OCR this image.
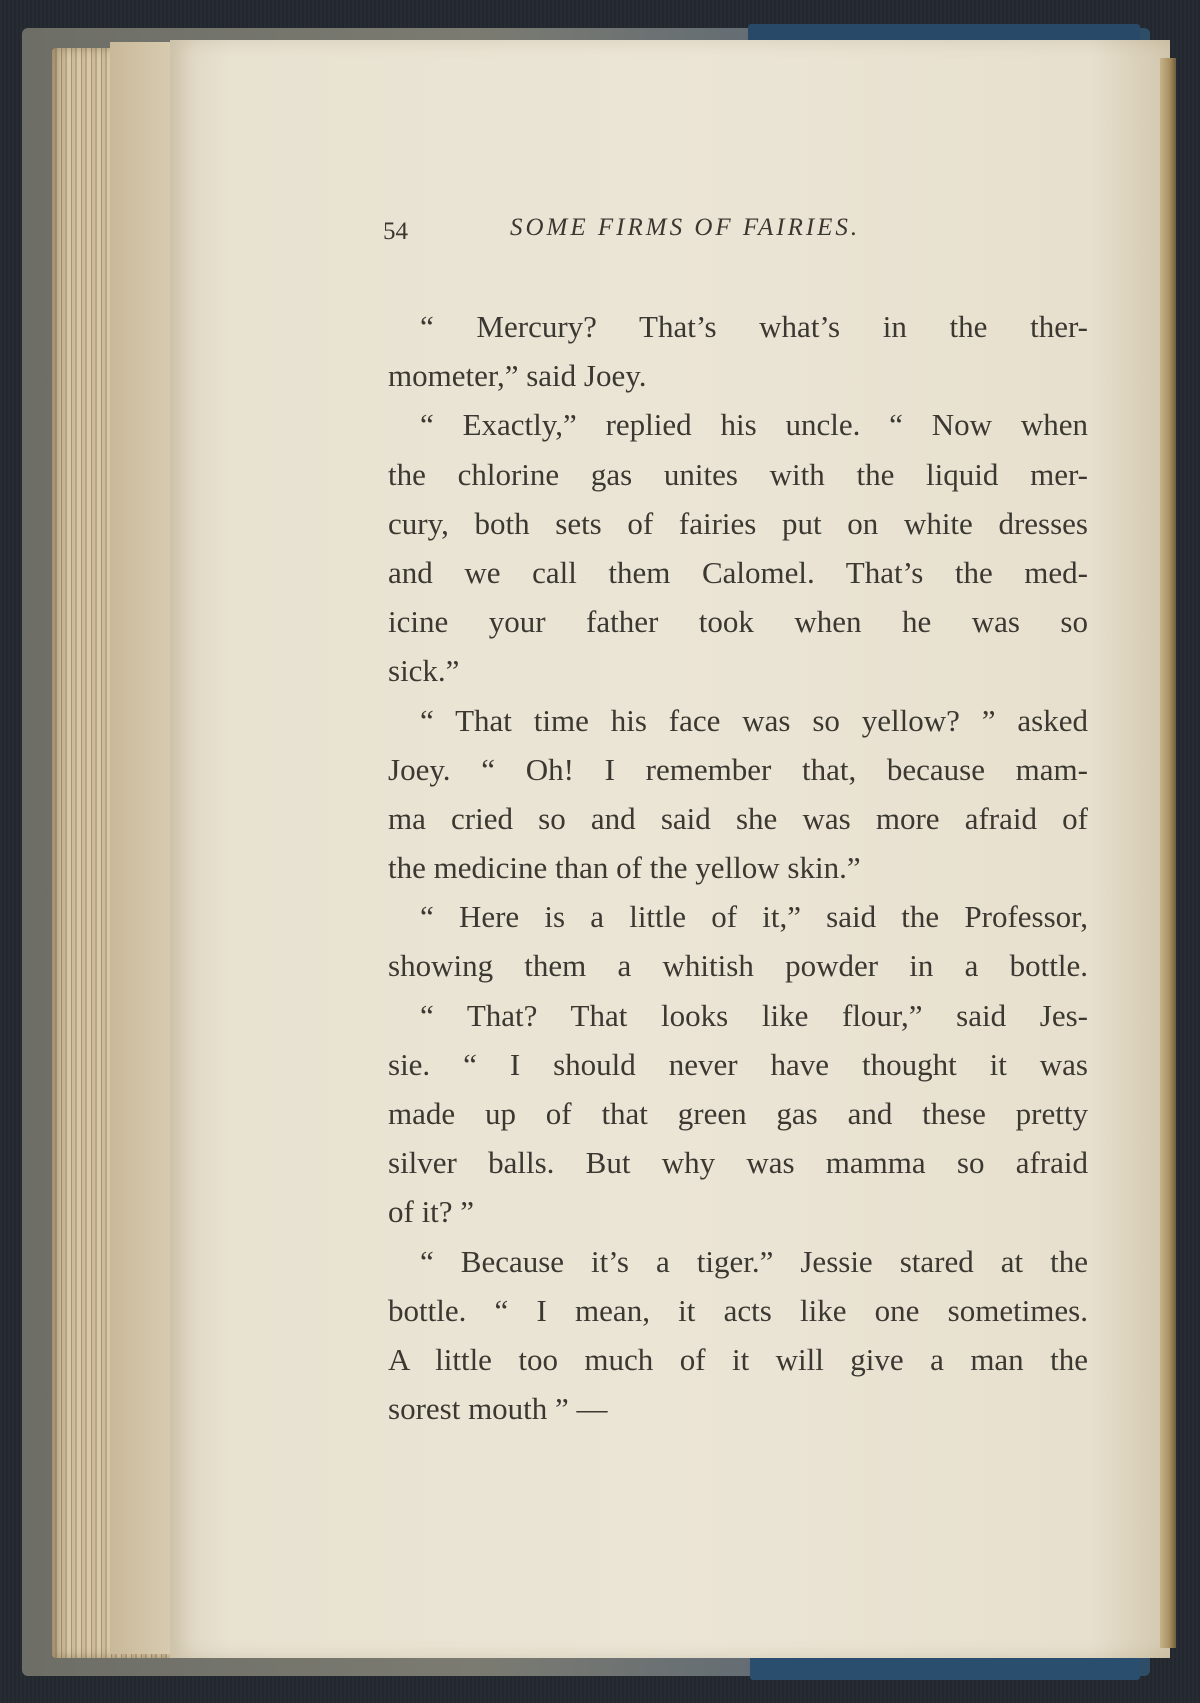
54	SOME FIRMS OF FAIRIES.
“ Mercury? That’s what’s in the ther-
mometer,” said Joey.
“ Exactly,” replied his uncle. “ Now when
the chlorine gas unites with the liquid mer-
cury, both sets of fairies put on white dresses
and we call them Calomel. That’s the med-
icine your father took when he was so
sick.”
“ That time his face was so yellow? ” asked
Joey. “ Oh! I remember that, because mam-
ma cried so and said she was more afraid of
the medicine than of the yellow skin.”
“ Here is a little of it,” said the Professor,
showing them a whitish powder in a bottle.
“ That? That looks like flour,” said Jes-
sie. “ I should never have thought it was
made up of that green gas and these pretty
silver balls. But why was mamma so afraid
of it? ”
“ Because it’s a tiger.” Jessie stared at the
bottle. “ I mean, it acts like one sometimes.
A little too much of it will give a man the
sorest mouth ” —
